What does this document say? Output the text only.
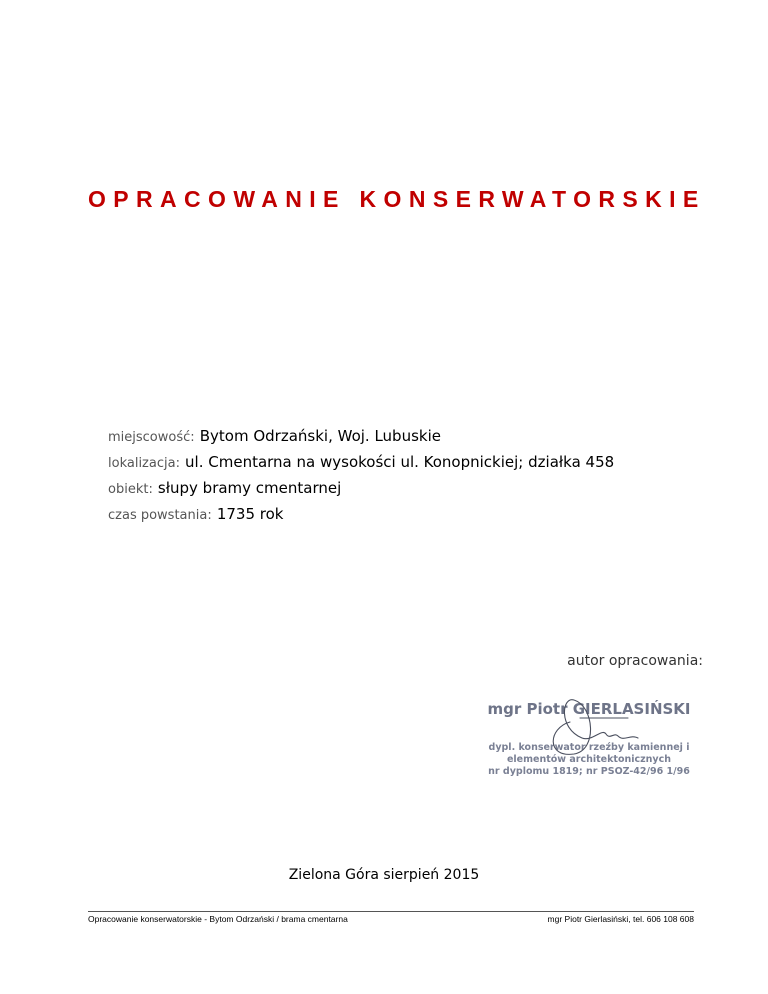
OPRACOWANIE KONSERWATORSKIE
miejscowość: Bytom Odrzański, Woj. Lubuskie
lokalizacja: ul. Cmentarna na wysokości ul. Konopnickiej; działka 458
obiekt: słupy bramy cmentarnej
czas powstania: 1735 rok
autor opracowania:
mgr Piotr GIERLASIŃSKI
dypl. konserwator rzeźby kamiennej i
elementów architektonicznych
nr dyplomu 1819; nr PSOZ-42/96 1/96
Zielona Góra sierpień 2015
Opracowanie konserwatorskie - Bytom Odrzański / brama cmentarna	mgr Piotr Gierlasiński, tel. 606 108 608
